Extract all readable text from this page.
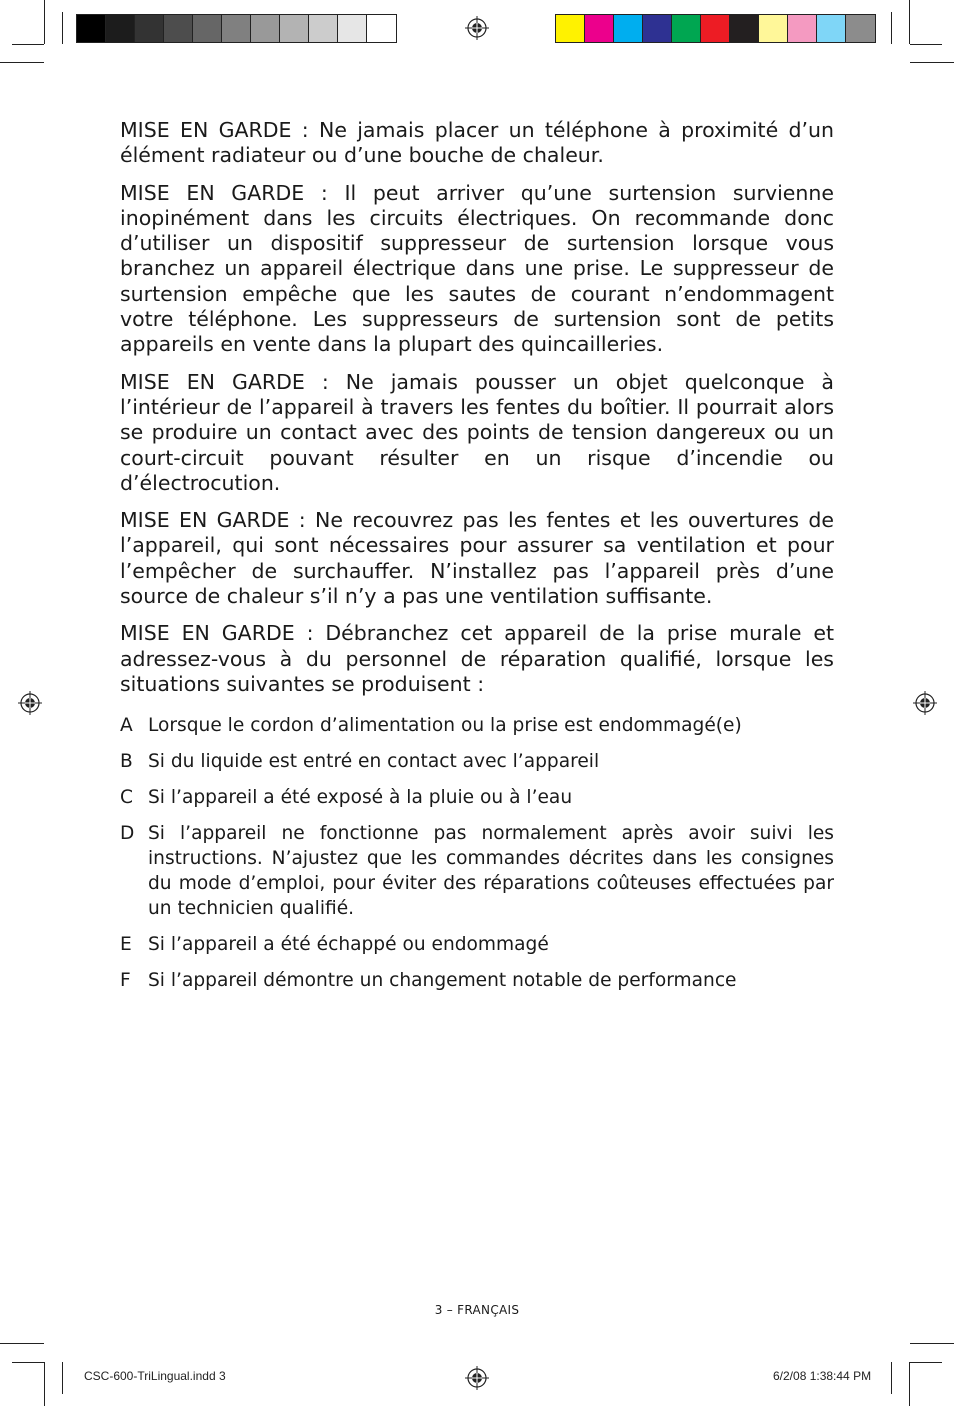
MISE EN GARDE : Ne jamais placer un téléphone à proximité d’un élément radiateur ou d’une bouche de chaleur.

MISE EN GARDE : Il peut arriver qu’une surtension survienne inopinément dans les circuits électriques. On recommande donc d’utiliser un dispositif suppresseur de surtension lorsque vous branchez un appareil électrique dans une prise. Le suppresseur de surtension empêche que les sautes de courant n’endommagent votre téléphone. Les suppresseurs de surtension sont de petits appareils en vente dans la plupart des quincailleries.

MISE EN GARDE : Ne jamais pousser un objet quelconque à l’intérieur de l’appareil à travers les fentes du boîtier. Il pourrait alors se produire un contact avec des points de tension dangereux ou un court-circuit pouvant résulter en un risque d’incendie ou d’électrocution.

MISE EN GARDE : Ne recouvrez pas les fentes et les ouvertures de l’appareil, qui sont nécessaires pour assurer sa ventilation et pour l’empêcher de surchauffer. N’installez pas l’appareil près d’une source de chaleur s’il n’y a pas une ventilation suffisante.

MISE EN GARDE : Débranchez cet appareil de la prise murale et adressez-vous à du personnel de réparation qualifié, lorsque les situations suivantes se produisent :

A Lorsque le cordon d’alimentation ou la prise est endommagé(e)
B Si du liquide est entré en contact avec l’appareil
C Si l’appareil a été exposé à la pluie ou à l’eau
D Si l’appareil ne fonctionne pas normalement après avoir suivi les instructions. N’ajustez que les commandes décrites dans les consignes du mode d’emploi, pour éviter des réparations coûteuses effectuées par un technicien qualifié.
E Si l’appareil a été échappé ou endommagé
F Si l’appareil démontre un changement notable de performance
3 – FRANÇAIS
CSC-600-TriLingual.indd 3	6/2/08 1:38:44 PM
